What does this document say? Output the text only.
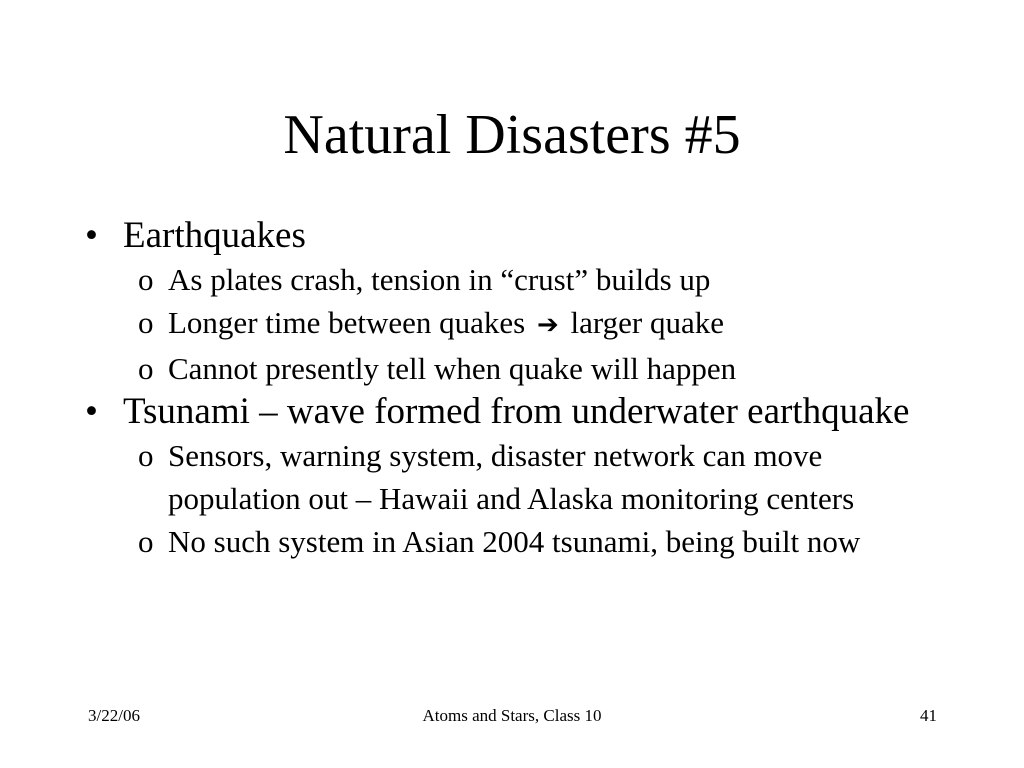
Natural Disasters #5
• Earthquakes
o As plates crash, tension in “crust” builds up
o Longer time between quakes ➔ larger quake
o Cannot presently tell when quake will happen
• Tsunami – wave formed from underwater earthquake
o Sensors, warning system, disaster network can move population out – Hawaii and Alaska monitoring centers
o No such system in Asian 2004 tsunami, being built now
3/22/06	Atoms and Stars, Class 10	41
